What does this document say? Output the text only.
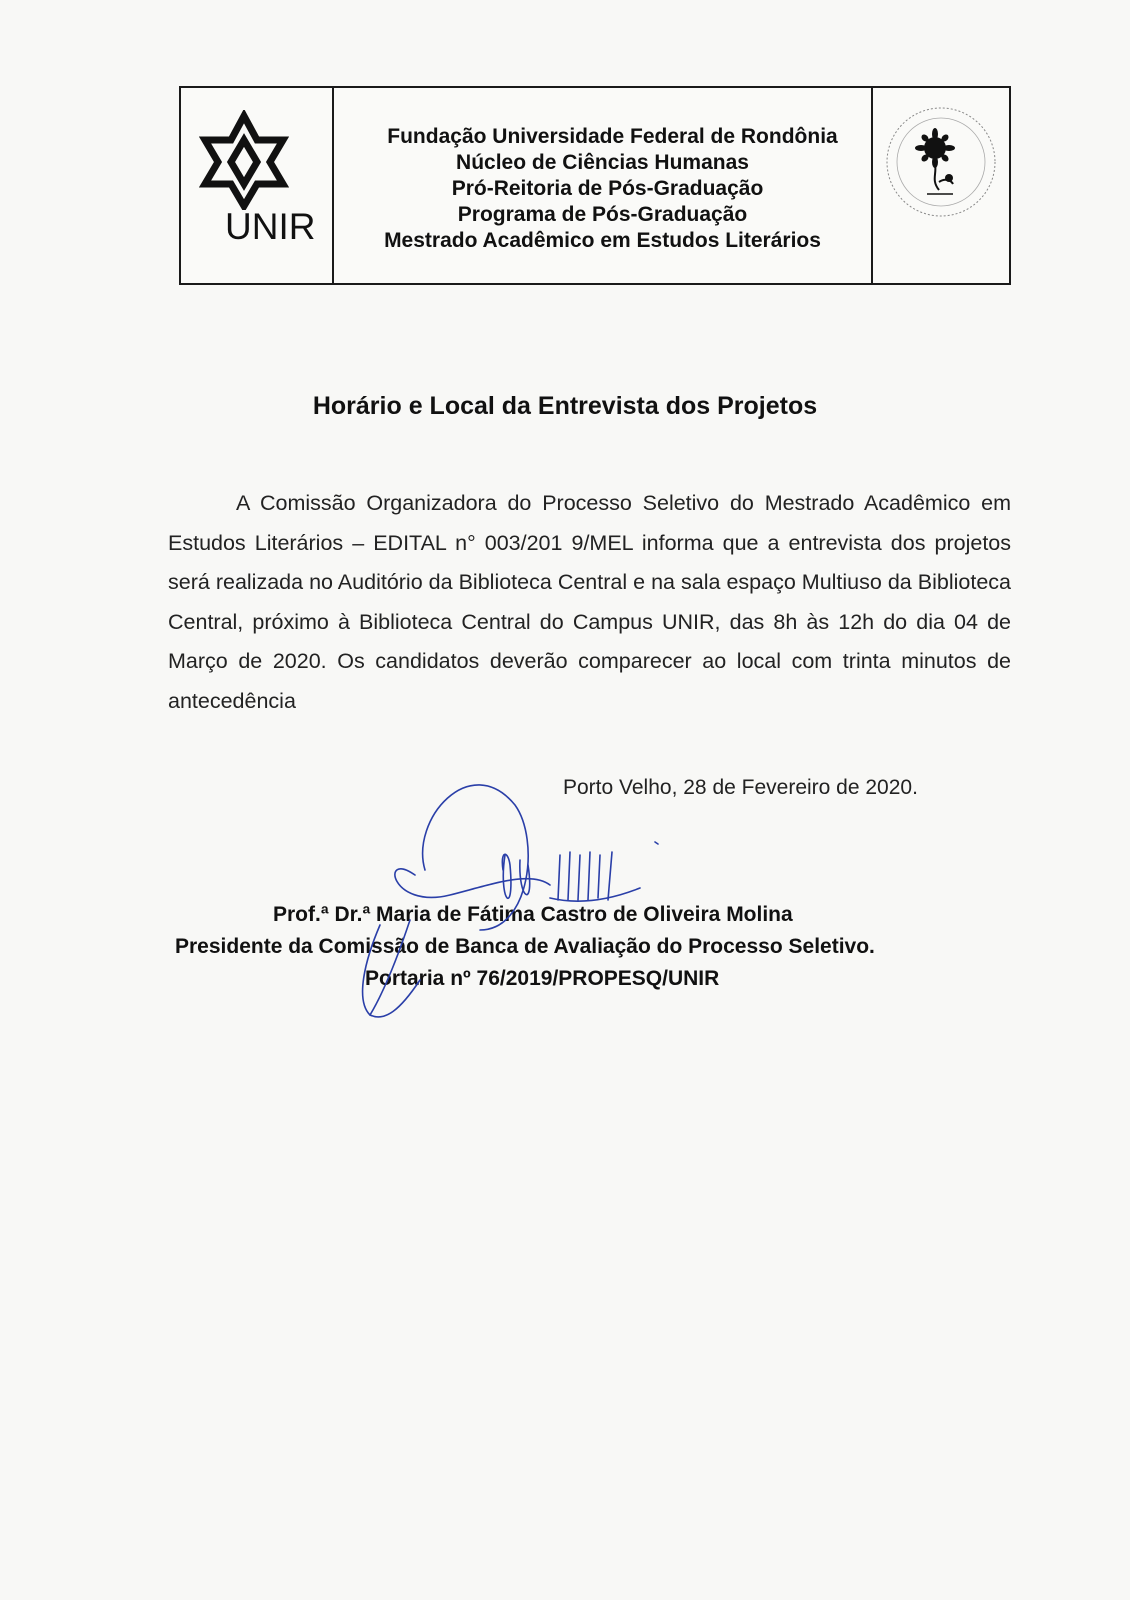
UNIR
Fundação Universidade Federal de Rondônia
Núcleo de Ciências Humanas
Pró-Reitoria de Pós-Graduação
Programa de Pós-Graduação
Mestrado Acadêmico em Estudos Literários
Horário e Local da Entrevista dos Projetos
A Comissão Organizadora do Processo Seletivo do Mestrado Acadêmico em Estudos Literários – EDITAL n° 003/201 9/MEL informa que a entrevista dos projetos será realizada no Auditório da Biblioteca Central e na sala espaço Multiuso da Biblioteca Central, próximo à Biblioteca Central do Campus UNIR, das 8h às 12h do dia 04 de Março de 2020. Os candidatos deverão comparecer ao local com trinta minutos de antecedência
Porto Velho, 28 de Fevereiro de 2020.
Prof.ª Dr.ª Maria de Fátima Castro de Oliveira Molina
Presidente da Comissão de Banca de Avaliação do Processo Seletivo.
Portaria nº 76/2019/PROPESQ/UNIR
